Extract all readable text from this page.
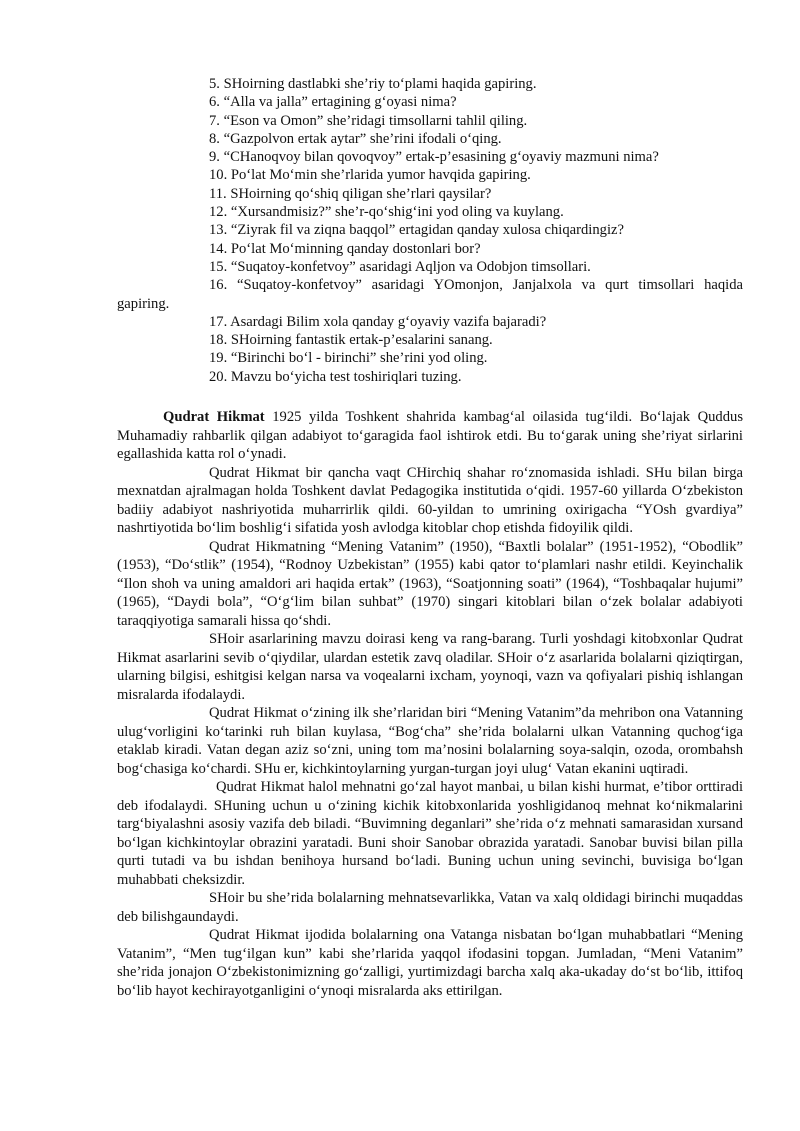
5. SHoirning dastlabki she’riy to‘plami haqida gapiring.
6. “Alla va jalla” ertagining g‘oyasi nima?
7. “Eson va Omon” she’ridagi timsollarni tahlil qiling.
8. “Gazpolvon ertak aytar” she’rini ifodali o‘qing.
9. “CHanoqvoy bilan qovoqvoy” ertak-p’esasining g‘oyaviy mazmuni nima?
10. Po‘lat Mo‘min she’rlarida yumor havqida gapiring.
11. SHoirning qo‘shiq qiligan she’rlari qaysilar?
12. “Xursandmisiz?” she’r-qo‘shig‘ini yod oling va kuylang.
13. “Ziyrak fil va ziqna baqqol” ertagidan qanday xulosa chiqardingiz?
14. Po‘lat Mo‘minning qanday dostonlari bor?
15. “Suqatoy-konfetvoy” asaridagi Aqljon va Odobjon timsollari.
16. “Suqatoy-konfetvoy” asaridagi YOmonjon, Janjalxola va qurt timsollari haqida
gapiring.
17. Asardagi Bilim xola qanday g‘oyaviy vazifa bajaradi?
18. SHoirning fantastik ertak-p’esalarini sanang.
19. “Birinchi bo‘l - birinchi” she’rini yod oling.
20. Mavzu bo‘yicha test toshiriqlari tuzing.

Qudrat Hikmat 1925 yilda Toshkent shahrida kambag‘al oilasida tug‘ildi. Bo‘lajak Quddus Muhamadiy rahbarlik qilgan adabiyot to‘garagida faol ishtirok etdi. Bu to‘garak uning she’riyat sirlarini egallashida katta rol o‘ynadi.

Qudrat Hikmat bir qancha vaqt CHirchiq shahar ro‘znomasida ishladi. SHu bilan birga mexnatdan ajralmagan holda Toshkent davlat Pedagogika institutida o‘qidi. 1957-60 yillarda O‘zbekiston badiiy adabiyot nashriyotida muharrirlik qildi. 60-yildan to umrining oxirigacha “YOsh gvardiya” nashrtiyotida bo‘lim boshlig‘i sifatida yosh avlodga kitoblar chop etishda fidoyilik qildi.

Qudrat Hikmatning “Mening Vatanim” (1950), “Baxtli bolalar” (1951-1952), “Obodlik” (1953), “Do‘stlik” (1954), “Rodnoy Uzbekistan” (1955) kabi qator to‘plamlari nashr etildi. Keyinchalik “Ilon shoh va uning amaldori ari haqida ertak” (1963), “Soatjonning soati” (1964), “Toshbaqalar hujumi” (1965), “Daydi bola”, “O‘g‘lim bilan suhbat” (1970) singari kitoblari bilan o‘zek bolalar adabiyoti taraqqiyotiga samarali hissa qo‘shdi.

SHoir asarlarining mavzu doirasi keng va rang-barang. Turli yoshdagi kitobxonlar Qudrat Hikmat asarlarini sevib o‘qiydilar, ulardan estetik zavq oladilar. SHoir o‘z asarlarida bolalarni qiziqtirgan, ularning bilgisi, eshitgisi kelgan narsa va voqealarni ixcham, yoynoqi, vazn va qofiyalari pishiq ishlangan misralarda ifodalaydi.

Qudrat Hikmat o‘zining ilk she’rlaridan biri “Mening Vatanim”da mehribon ona Vatanning ulug‘vorligini ko‘tarinki ruh bilan kuylasa, “Bog‘cha” she’rida bolalarni ulkan Vatanning quchog‘iga etaklab kiradi. Vatan degan aziz so‘zni, uning tom ma’nosini bolalarning soya-salqin, ozoda, orombahsh bog‘chasiga ko‘chardi. SHu er, kichkintoylarning yurgan-turgan joyi ulug‘ Vatan ekanini uqtiradi.

Qudrat Hikmat halol mehnatni go‘zal hayot manbai, u bilan kishi hurmat, e’tibor orttiradi deb ifodalaydi. SHuning uchun u o‘zining kichik kitobxonlarida yoshligidanoq mehnat ko‘nikmalarini targ‘biyalashni asosiy vazifa deb biladi. “Buvimning deganlari” she’rida o‘z mehnati samarasidan xursand bo‘lgan kichkintoylar obrazini yaratadi. Buni shoir Sanobar obrazida yaratadi. Sanobar buvisi bilan pilla qurti tutadi va bu ishdan benihoya hursand bo‘ladi. Buning uchun uning sevinchi, buvisiga bo‘lgan muhabbati cheksizdir.

SHoir bu she’rida bolalarning mehnatsevarlikka, Vatan va xalq oldidagi birinchi muqaddas deb bilishgaundaydi.

Qudrat Hikmat ijodida bolalarning ona Vatanga nisbatan bo‘lgan muhabbatlari “Mening Vatanim”, “Men tug‘ilgan kun” kabi she’rlarida yaqqol ifodasini topgan. Jumladan, “Meni Vatanim” she’rida jonajon O‘zbekistonimizning go‘zalligi, yurtimizdagi barcha xalq aka-ukaday do‘st bo‘lib, ittifoq bo‘lib hayot kechirayotganligini o‘ynoqi misralarda aks ettirilgan.
